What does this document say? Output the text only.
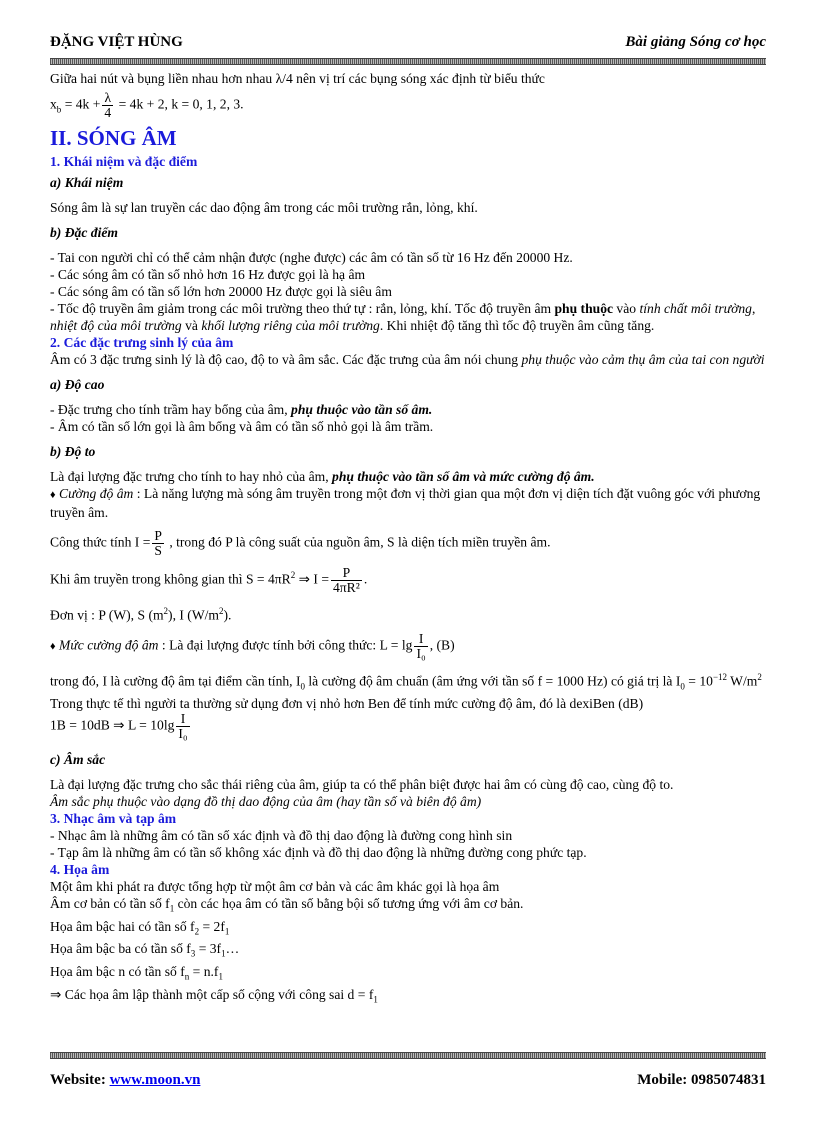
ĐẶNG VIỆT HÙNG	Bài giảng Sóng cơ học

Giữa hai nút và bụng liền nhau hơn nhau λ/4 nên vị trí các bụng sóng xác định từ biểu thức

$x_b = 4k + \frac{\lambda}{4} = 4k + 2$, k = 0, 1, 2, 3.

II. SÓNG ÂM
1. Khái niệm và đặc điểm
a) Khái niệm

Sóng âm là sự lan truyền các dao động âm trong các môi trường rắn, lỏng, khí.

b) Đặc điểm

- Tai con người chỉ có thể cảm nhận được (nghe được) các âm có tần số từ 16 Hz đến 20000 Hz.

- Các sóng âm có tần số nhỏ hơn 16 Hz được gọi là hạ âm

- Các sóng âm có tần số lớn hơn 20000 Hz được gọi là siêu âm

- Tốc độ truyền âm giảm trong các môi trường theo thứ tự : rắn, lỏng, khí. Tốc độ truyền âm phụ thuộc vào tính chất môi trường, nhiệt độ của môi trường và khối lượng riêng của môi trường. Khi nhiệt độ tăng thì tốc độ truyền âm cũng tăng.

2. Các đặc trưng sinh lý của âm

Âm có 3 đặc trưng sinh lý là độ cao, độ to và âm sắc. Các đặc trưng của âm nói chung phụ thuộc vào cảm thụ âm của tai con người

a) Độ cao

- Đặc trưng cho tính trầm hay bổng của âm, phụ thuộc vào tần số âm.

- Âm có tần số lớn gọi là âm bổng và âm có tần số nhỏ gọi là âm trầm.

b) Độ to

Là đại lượng đặc trưng cho tính to hay nhỏ của âm, phụ thuộc vào tần số âm và mức cường độ âm.

♦ Cường độ âm : Là năng lượng mà sóng âm truyền trong một đơn vị thời gian qua một đơn vị diện tích đặt vuông góc với phương truyền âm.

Công thức tính $I = \frac{P}{S}$ , trong đó P là công suất của nguồn âm, S là diện tích miền truyền âm.

Khi âm truyền trong không gian thì $S = 4\pi R^2$ ⇒ $I = \frac{P}{\text{4πR²}}$ .

Đơn vị : P (W), S $(m^2)$, I $(W/m^2)$.

♦ Mức cường độ âm : Là đại lượng được tính bởi công thức: $L = \lg \frac{I}{\text{I₀}}$ , (B)

trong đó, I là cường độ âm tại điểm cần tính, $I_0$ là cường độ âm chuẩn (âm ứng với tần số f = 1000 Hz) có giá trị là $I_0 = 10^{-12}$ $W/m^2$

Trong thực tế thì người ta thường sử dụng đơn vị nhỏ hơn Ben để tính mức cường độ âm, đó là dexiBen (dB)

1B = 10dB ⇒ $L = 10\lg \frac{I}{\text{I₀}}$

c) Âm sắc

Là đại lượng đặc trưng cho sắc thái riêng của âm, giúp ta có thể phân biệt được hai âm có cùng độ cao, cùng độ to.

Âm sắc phụ thuộc vào dạng đồ thị dao động của âm (hay tần số và biên độ âm)

3. Nhạc âm và tạp âm

- Nhạc âm là những âm có tần số xác định và đồ thị dao động là đường cong hình sin

- Tạp âm là những âm có tần số không xác định và đồ thị dao động là những đường cong phức tạp.

4. Họa âm

Một âm khi phát ra được tổng hợp từ một âm cơ bản và các âm khác gọi là họa âm

Âm cơ bản có tần số $f_1$ còn các họa âm có tần số bằng bội số tương ứng với âm cơ bản.

Họa âm bậc hai có tần số $f_2 = 2f_1$

Họa âm bậc ba có tần số $f_3$ = $3f_1\dots$

Họa âm bậc n có tần số $f_n = n.f_1$

⇒ Các họa âm lập thành một cấp số cộng với công sai $d = f_1$

Website: www.moon.vn	Mobile: 0985074831
